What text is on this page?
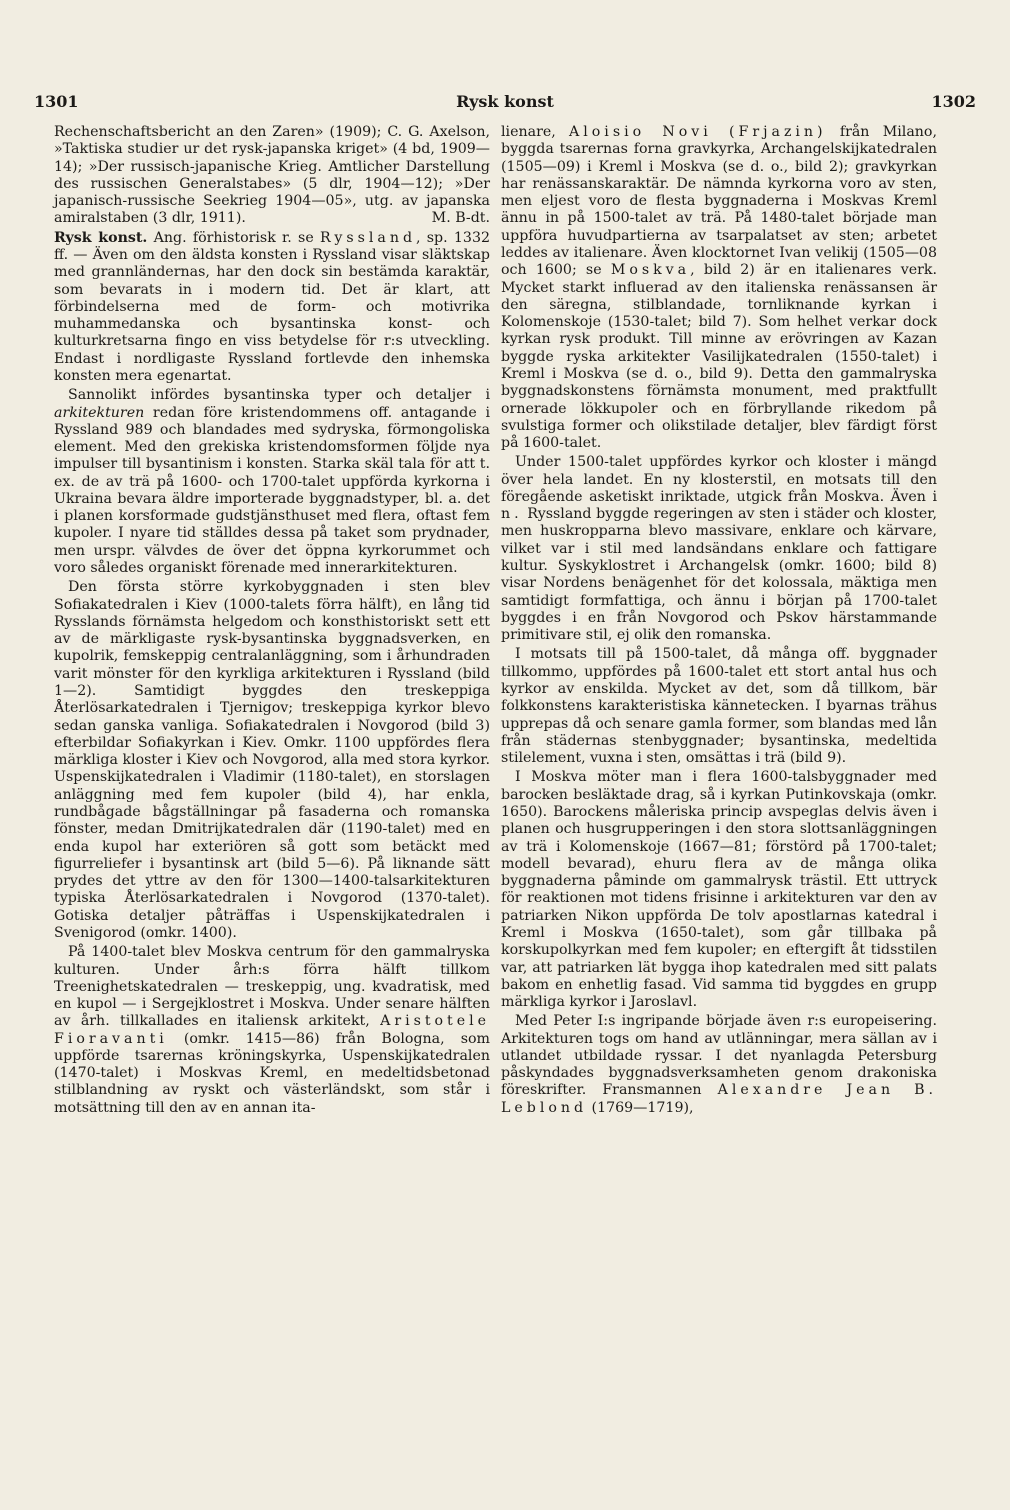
1301	Rysk konst	1302

Rechenschaftsbericht an den Zaren» (1909); C. G. Axelson, »Taktiska studier ur det rysk-japanska kriget» (4 bd, 1909—14); »Der russisch-japanische Krieg. Amtlicher Darstellung des russischen Generalstabes» (5 dlr, 1904—12); »Der japanisch-russische Seekrieg 1904—05», utg. av japanska amiralstaben (3 dlr, 1911).	M. B-dt.

Rysk konst. Ang. förhistorisk r. se Ryssland, sp. 1332 ff. — Även om den äldsta konsten i Ryssland visar släktskap med grannländernas, har den dock sin bestämda karaktär, som bevarats in i modern tid. Det är klart, att förbindelserna med de form- och motivrika muhammedanska och bysantinska konst- och kulturkretsarna fingo en viss betydelse för r:s utveckling. Endast i nordligaste Ryssland fortlevde den inhemska konsten mera egenartat.

Sannolikt infördes bysantinska typer och detaljer i arkitekturen redan före kristendommens off. antagande i Ryssland 989 och blandades med sydryska, förmongoliska element. Med den grekiska kristendomsformen följde nya impulser till bysantinism i konsten. Starka skäl tala för att t. ex. de av trä på 1600- och 1700-talet uppförda kyrkorna i Ukraina bevara äldre importerade byggnadstyper, bl. a. det i planen korsformade gudstjänsthuset med flera, oftast fem kupoler. I nyare tid ställdes dessa på taket som prydnader, men urspr. välvdes de över det öppna kyrkorummet och voro således organiskt förenade med innerarkitekturen.

Den första större kyrkobyggnaden i sten blev Sofiakatedralen i Kiev (1000-talets förra hälft), en lång tid Rysslands förnämsta helgedom och konsthistoriskt sett ett av de märkligaste rysk-bysantinska byggnadsverken, en kupolrik, femskeppig centralanläggning, som i århundraden varit mönster för den kyrkliga arkitekturen i Ryssland (bild 1—2). Samtidigt byggdes den treskeppiga Återlösarkatedralen i Tjernigov; treskeppiga kyrkor blevo sedan ganska vanliga. Sofiakatedralen i Novgorod (bild 3) efterbildar Sofiakyrkan i Kiev. Omkr. 1100 uppfördes flera märkliga kloster i Kiev och Novgorod, alla med stora kyrkor. Uspenskijkatedralen i Vladimir (1180-talet), en storslagen anläggning med fem kupoler (bild 4), har enkla, rundbågade bågställningar på fasaderna och romanska fönster, medan Dmitrijkatedralen där (1190-talet) med en enda kupol har exteriören så gott som betäckt med figurreliefer i bysantinsk art (bild 5—6). På liknande sätt prydes det yttre av den för 1300—1400-talsarkitekturen typiska Återlösarkatedralen i Novgorod (1370-talet). Gotiska detaljer påträffas i Uspenskijkatedralen i Svenigorod (omkr. 1400).

På 1400-talet blev Moskva centrum för den gammalryska kulturen. Under årh:s förra hälft tillkom Treenighetskatedralen — treskeppig, ung. kvadratisk, med en kupol — i Sergejklostret i Moskva. Under senare hälften av årh. tillkallades en italiensk arkitekt, Aristotele Fioravanti (omkr. 1415—86) från Bologna, som uppförde tsarernas kröningskyrka, Uspenskijkatedralen (1470-talet) i Moskvas Kreml, en medeltidsbetonad stilblandning av ryskt och västerländskt, som står i motsättning till den av en annan ita-

lienare, Aloisio Novi (Frjazin) från Milano, byggda tsarernas forna gravkyrka, Archangelskijkatedralen (1505—09) i Kreml i Moskva (se d. o., bild 2); gravkyrkan har renässanskaraktär. De nämnda kyrkorna voro av sten, men eljest voro de flesta byggnaderna i Moskvas Kreml ännu in på 1500-talet av trä. På 1480-talet började man uppföra huvudpartierna av tsarpalatset av sten; arbetet leddes av italienare. Även klocktornet Ivan velikij (1505—08 och 1600; se Moskva, bild 2) är en italienares verk. Mycket starkt influerad av den italienska renässansen är den säregna, stilblandade, tornliknande kyrkan i Kolomenskoje (1530-talet; bild 7). Som helhet verkar dock kyrkan rysk produkt. Till minne av erövringen av Kazan byggde ryska arkitekter Vasilijkatedralen (1550-talet) i Kreml i Moskva (se d. o., bild 9). Detta den gammalryska byggnadskonstens förnämsta monument, med praktfullt ornerade lökkupoler och en förbryllande rikedom på svulstiga former och olikstilade detaljer, blev färdigt först på 1600-talet.

Under 1500-talet uppfördes kyrkor och kloster i mängd över hela landet. En ny klosterstil, en motsats till den föregående asketiskt inriktade, utgick från Moskva. Även i n. Ryssland byggde regeringen av sten i städer och kloster, men huskropparna blevo massivare, enklare och kärvare, vilket var i stil med landsändans enklare och fattigare kultur. Syskyklostret i Archangelsk (omkr. 1600; bild 8) visar Nordens benägenhet för det kolossala, mäktiga men samtidigt formfattiga, och ännu i början på 1700-talet byggdes i en från Novgorod och Pskov härstammande primitivare stil, ej olik den romanska.

I motsats till på 1500-talet, då många off. byggnader tillkommo, uppfördes på 1600-talet ett stort antal hus och kyrkor av enskilda. Mycket av det, som då tillkom, bär folkkonstens karakteristiska kännetecken. I byarnas trähus upprepas då och senare gamla former, som blandas med lån från städernas stenbyggnader; bysantinska, medeltida stilelement, vuxna i sten, omsättas i trä (bild 9).

I Moskva möter man i flera 1600-talsbyggnader med barocken besläktade drag, så i kyrkan Putinkovskaja (omkr. 1650). Barockens måleriska princip avspeglas delvis även i planen och husgrupperingen i den stora slottsanläggningen av trä i Kolomenskoje (1667—81; förstörd på 1700-talet; modell bevarad), ehuru flera av de många olika byggnaderna påminde om gammalrysk trästil. Ett uttryck för reaktionen mot tidens frisinne i arkitekturen var den av patriarken Nikon uppförda De tolv apostlarnas katedral i Kreml i Moskva (1650-talet), som går tillbaka på korskupolkyrkan med fem kupoler; en eftergift åt tidsstilen var, att patriarken lät bygga ihop katedralen med sitt palats bakom en enhetlig fasad. Vid samma tid byggdes en grupp märkliga kyrkor i Jaroslavl.

Med Peter I:s ingripande började även r:s europeisering. Arkitekturen togs om hand av utlänningar, mera sällan av i utlandet utbildade ryssar. I det nyanlagda Petersburg påskyndades byggnadsverksamheten genom drakoniska föreskrifter. Fransmannen Alexandre Jean B. Leblond (1769—1719),
